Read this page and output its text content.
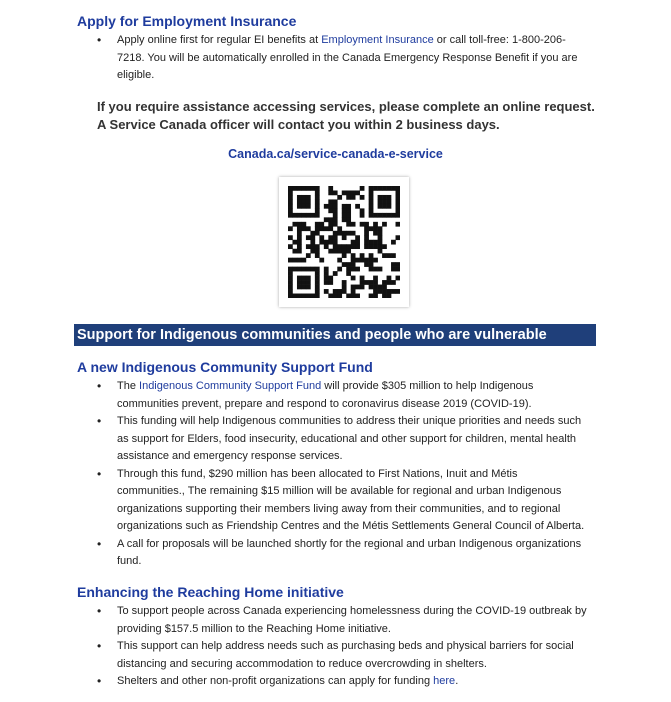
Apply for Employment Insurance
• Apply online first for regular EI benefits at Employment Insurance or call toll-free: 1-800-206-7218. You will be automatically enrolled in the Canada Emergency Response Benefit if you are eligible.
If you require assistance accessing services, please complete an online request.
A Service Canada officer will contact you within 2 business days.
Canada.ca/service-canada-e-service
Support for Indigenous communities and people who are vulnerable
A new Indigenous Community Support Fund
• The Indigenous Community Support Fund will provide $305 million to help Indigenous communities prevent, prepare and respond to coronavirus disease 2019 (COVID-19).
• This funding will help Indigenous communities to address their unique priorities and needs such as support for Elders, food insecurity, educational and other support for children, mental health assistance and emergency response services.
• Through this fund, $290 million has been allocated to First Nations, Inuit and Métis communities., The remaining $15 million will be available for regional and urban Indigenous organizations supporting their members living away from their communities, and to regional organizations such as Friendship Centres and the Métis Settlements General Council of Alberta.
• A call for proposals will be launched shortly for the regional and urban Indigenous organizations fund.
Enhancing the Reaching Home initiative
• To support people across Canada experiencing homelessness during the COVID-19 outbreak by providing $157.5 million to the Reaching Home initiative.
• This support can help address needs such as purchasing beds and physical barriers for social distancing and securing accommodation to reduce overcrowding in shelters.
• Shelters and other non-profit organizations can apply for funding here.
